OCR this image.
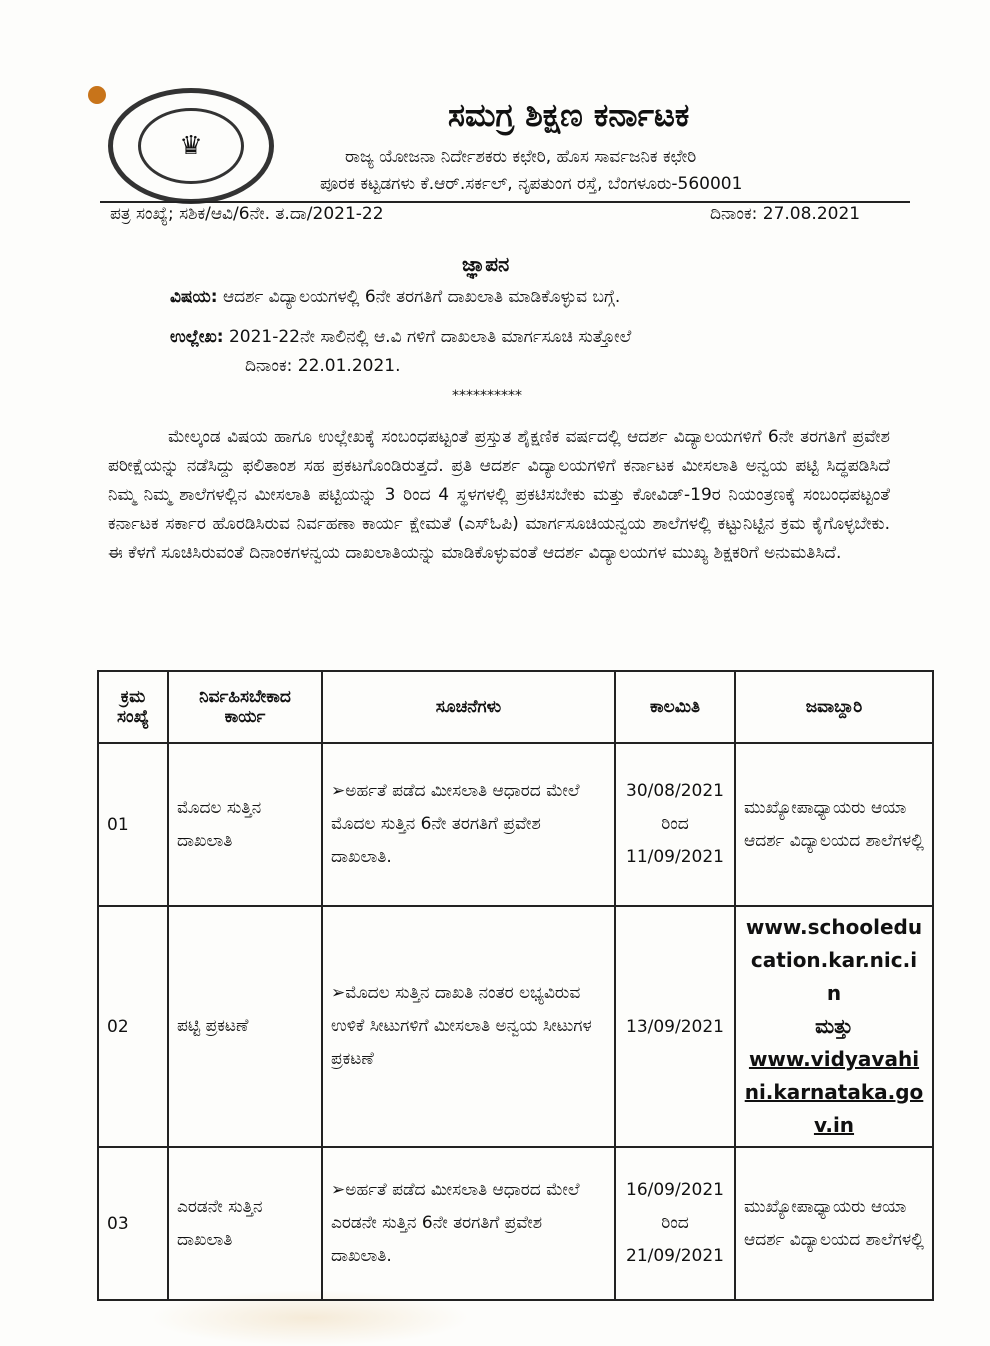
♛
ಸಮಗ್ರ ಶಿಕ್ಷಣ ಕರ್ನಾಟಕ
ರಾಜ್ಯ ಯೋಜನಾ ನಿರ್ದೇಶಕರು ಕಛೇರಿ, ಹೊಸ ಸಾರ್ವಜನಿಕ ಕಛೇರಿ
ಪೂರಕ ಕಟ್ಟಡಗಳು ಕೆ.ಆರ್.ಸರ್ಕಲ್, ನೃಪತುಂಗ ರಸ್ತೆ, ಬೆಂಗಳೂರು-560001
ಪತ್ರ ಸಂಖ್ಯೆ; ಸಶಿಕ/ಆವಿ/6ನೇ. ತ.ದಾ/2021-22	ದಿನಾಂಕ: 27.08.2021
ಜ್ಞಾಪನ
ವಿಷಯ: ಆದರ್ಶ ವಿದ್ಯಾಲಯಗಳಲ್ಲಿ 6ನೇ ತರಗತಿಗೆ ದಾಖಲಾತಿ ಮಾಡಿಕೊಳ್ಳುವ ಬಗ್ಗೆ.
ಉಲ್ಲೇಖ: 2021-22ನೇ ಸಾಲಿನಲ್ಲಿ ಆ.ವಿ ಗಳಿಗೆ ದಾಖಲಾತಿ ಮಾರ್ಗಸೂಚಿ ಸುತ್ತೋಲೆ
ದಿನಾಂಕ: 22.01.2021.
**********
ಮೇಲ್ಕಂಡ ವಿಷಯ ಹಾಗೂ ಉಲ್ಲೇಖಕ್ಕೆ ಸಂಬಂಧಪಟ್ಟಂತೆ ಪ್ರಸ್ತುತ ಶೈಕ್ಷಣಿಕ ವರ್ಷದಲ್ಲಿ ಆದರ್ಶ ವಿದ್ಯಾಲಯಗಳಿಗೆ 6ನೇ ತರಗತಿಗೆ ಪ್ರವೇಶ ಪರೀಕ್ಷೆಯನ್ನು ನಡೆಸಿದ್ದು ಫಲಿತಾಂಶ ಸಹ ಪ್ರಕಟಗೊಂಡಿರುತ್ತದೆ. ಪ್ರತಿ ಆದರ್ಶ ವಿದ್ಯಾಲಯಗಳಿಗೆ ಕರ್ನಾಟಕ ಮೀಸಲಾತಿ ಅನ್ವಯ ಪಟ್ಟಿ ಸಿದ್ಧಪಡಿಸಿದೆ ನಿಮ್ಮ ನಿಮ್ಮ ಶಾಲೆಗಳಲ್ಲಿನ ಮೀಸಲಾತಿ ಪಟ್ಟಿಯನ್ನು 3 ರಿಂದ 4 ಸ್ಥಳಗಳಲ್ಲಿ ಪ್ರಕಟಿಸಬೇಕು ಮತ್ತು ಕೋವಿಡ್-19ರ ನಿಯಂತ್ರಣಕ್ಕೆ ಸಂಬಂಧಪಟ್ಟಂತೆ ಕರ್ನಾಟಕ ಸರ್ಕಾರ ಹೊರಡಿಸಿರುವ ನಿರ್ವಹಣಾ ಕಾರ್ಯ ಕ್ಷೇಮತೆ (ಎಸ್‌ಓಪಿ) ಮಾರ್ಗಸೂಚಿಯನ್ವಯ ಶಾಲೆಗಳಲ್ಲಿ ಕಟ್ಟುನಿಟ್ಟಿನ ಕ್ರಮ ಕೈಗೊಳ್ಳಬೇಕು. ಈ ಕೆಳಗೆ ಸೂಚಿಸಿರುವಂತೆ ದಿನಾಂಕಗಳನ್ವಯ ದಾಖಲಾತಿಯನ್ನು ಮಾಡಿಕೊಳ್ಳುವಂತೆ ಆದರ್ಶ ವಿದ್ಯಾಲಯಗಳ ಮುಖ್ಯ ಶಿಕ್ಷಕರಿಗೆ ಅನುಮತಿಸಿದೆ.
ಕ್ರಮ ಸಂಖ್ಯೆ	ನಿರ್ವಹಿಸಬೇಕಾದ ಕಾರ್ಯ	ಸೂಚನೆಗಳು	ಕಾಲಮಿತಿ	ಜವಾಬ್ದಾರಿ
01	ಮೊದಲ ಸುತ್ತಿನ ದಾಖಲಾತಿ	➢ಅರ್ಹತೆ ಪಡೆದ ಮೀಸಲಾತಿ ಆಧಾರದ ಮೇಲೆ ಮೊದಲ ಸುತ್ತಿನ 6ನೇ ತರಗತಿಗೆ ಪ್ರವೇಶ ದಾಖಲಾತಿ.	30/08/2021
ರಿಂದ
11/09/2021	ಮುಖ್ಯೋಪಾಧ್ಯಾಯರು ಆಯಾ ಆದರ್ಶ ವಿದ್ಯಾಲಯದ ಶಾಲೆಗಳಲ್ಲಿ
02	ಪಟ್ಟಿ ಪ್ರಕಟಣೆ	➢ಮೊದಲ ಸುತ್ತಿನ ದಾಖತಿ ನಂತರ ಲಭ್ಯವಿರುವ ಉಳಿಕೆ ಸೀಟುಗಳಿಗೆ ಮೀಸಲಾತಿ ಅನ್ವಯ ಸೀಟುಗಳ ಪ್ರಕಟಣೆ	13/09/2021	www.schooleducation.kar.nic.in
ಮತ್ತು
www.vidyavahini.karnataka.gov.in

03	ಎರಡನೇ ಸುತ್ತಿನ ದಾಖಲಾತಿ	➢ಅರ್ಹತೆ ಪಡೆದ ಮೀಸಲಾತಿ ಆಧಾರದ ಮೇಲೆ ಎರಡನೇ ಸುತ್ತಿನ 6ನೇ ತರಗತಿಗೆ ಪ್ರವೇಶ ದಾಖಲಾತಿ.	16/09/2021
ರಿಂದ
21/09/2021	ಮುಖ್ಯೋಪಾಧ್ಯಾಯರು ಆಯಾ ಆದರ್ಶ ವಿದ್ಯಾಲಯದ ಶಾಲೆಗಳಲ್ಲಿ
